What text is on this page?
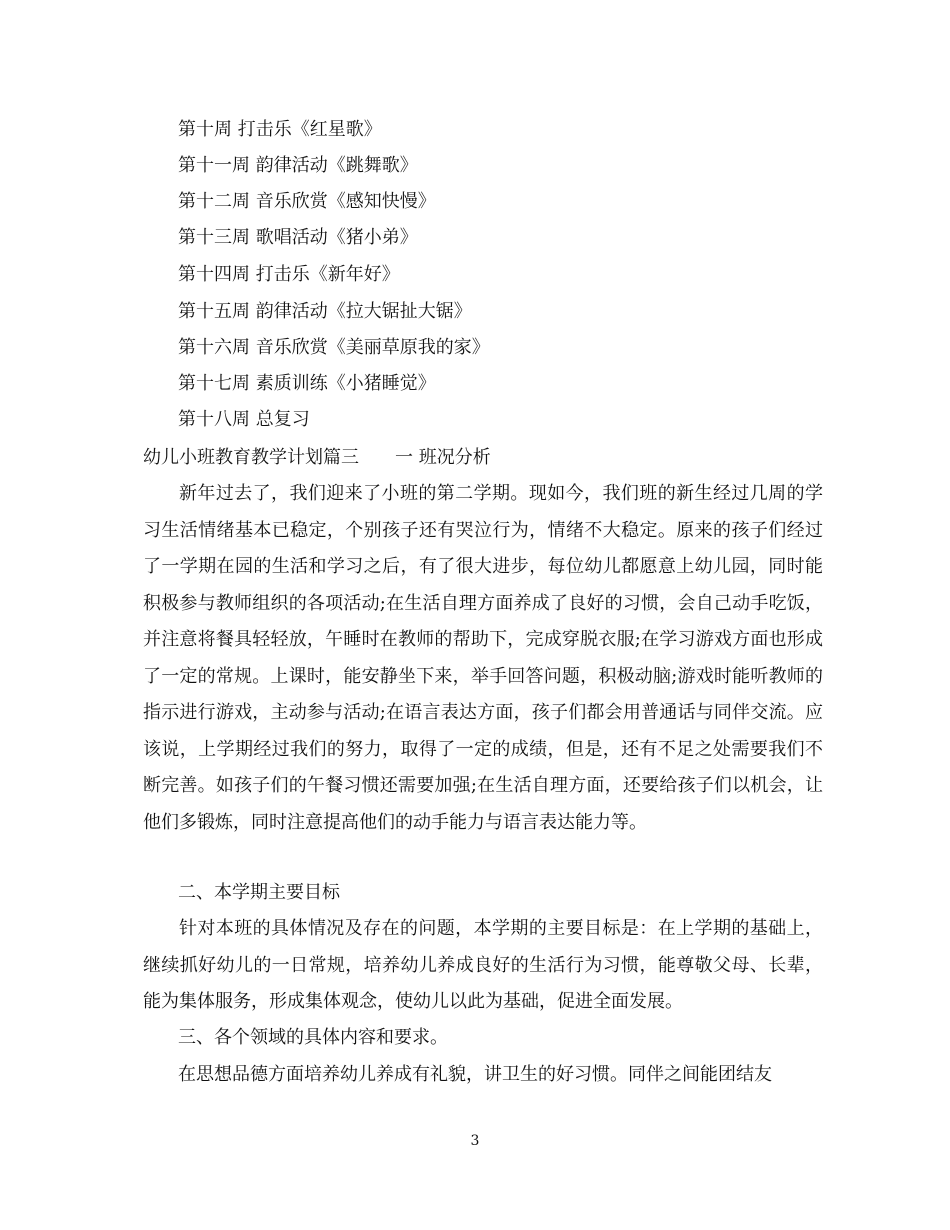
第十周 打击乐《红星歌》
第十一周 韵律活动《跳舞歌》
第十二周 音乐欣赏《感知快慢》
第十三周 歌唱活动《猪小弟》
第十四周 打击乐《新年好》
第十五周 韵律活动《拉大锯扯大锯》
第十六周 音乐欣赏《美丽草原我的家》
第十七周 素质训练《小猪睡觉》
第十八周 总复习
幼儿小班教育教学计划篇三　　一 班况分析
新年过去了，我们迎来了小班的第二学期。现如今，我们班的新生经过几周的学习生活情绪基本已稳定，个别孩子还有哭泣行为，情绪不大稳定。原来的孩子们经过了一学期在园的生活和学习之后，有了很大进步，每位幼儿都愿意上幼儿园，同时能积极参与教师组织的各项活动;在生活自理方面养成了良好的习惯，会自己动手吃饭，并注意将餐具轻轻放，午睡时在教师的帮助下，完成穿脱衣服;在学习游戏方面也形成了一定的常规。上课时，能安静坐下来，举手回答问题，积极动脑;游戏时能听教师的指示进行游戏，主动参与活动;在语言表达方面，孩子们都会用普通话与同伴交流。应该说，上学期经过我们的努力，取得了一定的成绩，但是，还有不足之处需要我们不断完善。如孩子们的午餐习惯还需要加强;在生活自理方面，还要给孩子们以机会，让他们多锻炼，同时注意提高他们的动手能力与语言表达能力等。
二、本学期主要目标
针对本班的具体情况及存在的问题，本学期的主要目标是：在上学期的基础上，继续抓好幼儿的一日常规，培养幼儿养成良好的生活行为习惯，能尊敬父母、长辈，能为集体服务，形成集体观念，使幼儿以此为基础，促进全面发展。
三、各个领域的具体内容和要求。
在思想品德方面培养幼儿养成有礼貌，讲卫生的好习惯。同伴之间能团结友
3
